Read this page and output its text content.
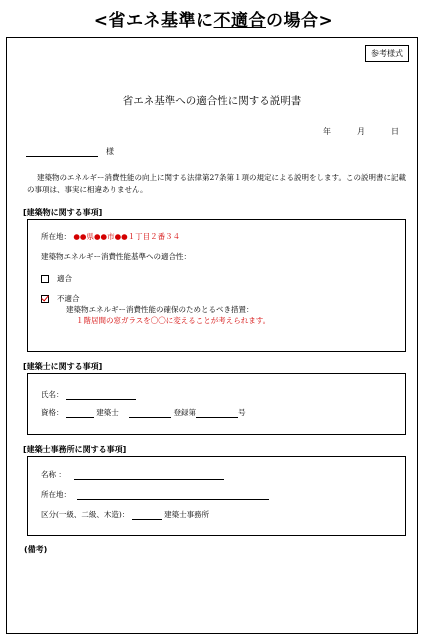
<省エネ基準に不適合の場合>
参考様式
省エネ基準への適合性に関する説明書
年	月	日
様
建築物のエネルギー消費性能の向上に関する法律第27条第１項の規定による説明をします。この説明書に記載の事項は、事実に相違ありません。
[建築物に関する事項]
所在地： ●●県●●市●●１丁目２番３４
建築物エネルギー消費性能基準への適合性：
適合
不適合
建築物エネルギー消費性能の確保のためとるべき措置：
１階居間の窓ガラスを〇〇に変えることが考えられます。
[建築士に関する事項]
氏名：
資格：	建築士	登録第	号
[建築士事務所に関する事項]
名称 ：
所在地：
区分(一級、二級、木造)：	建築士事務所
(備考)
